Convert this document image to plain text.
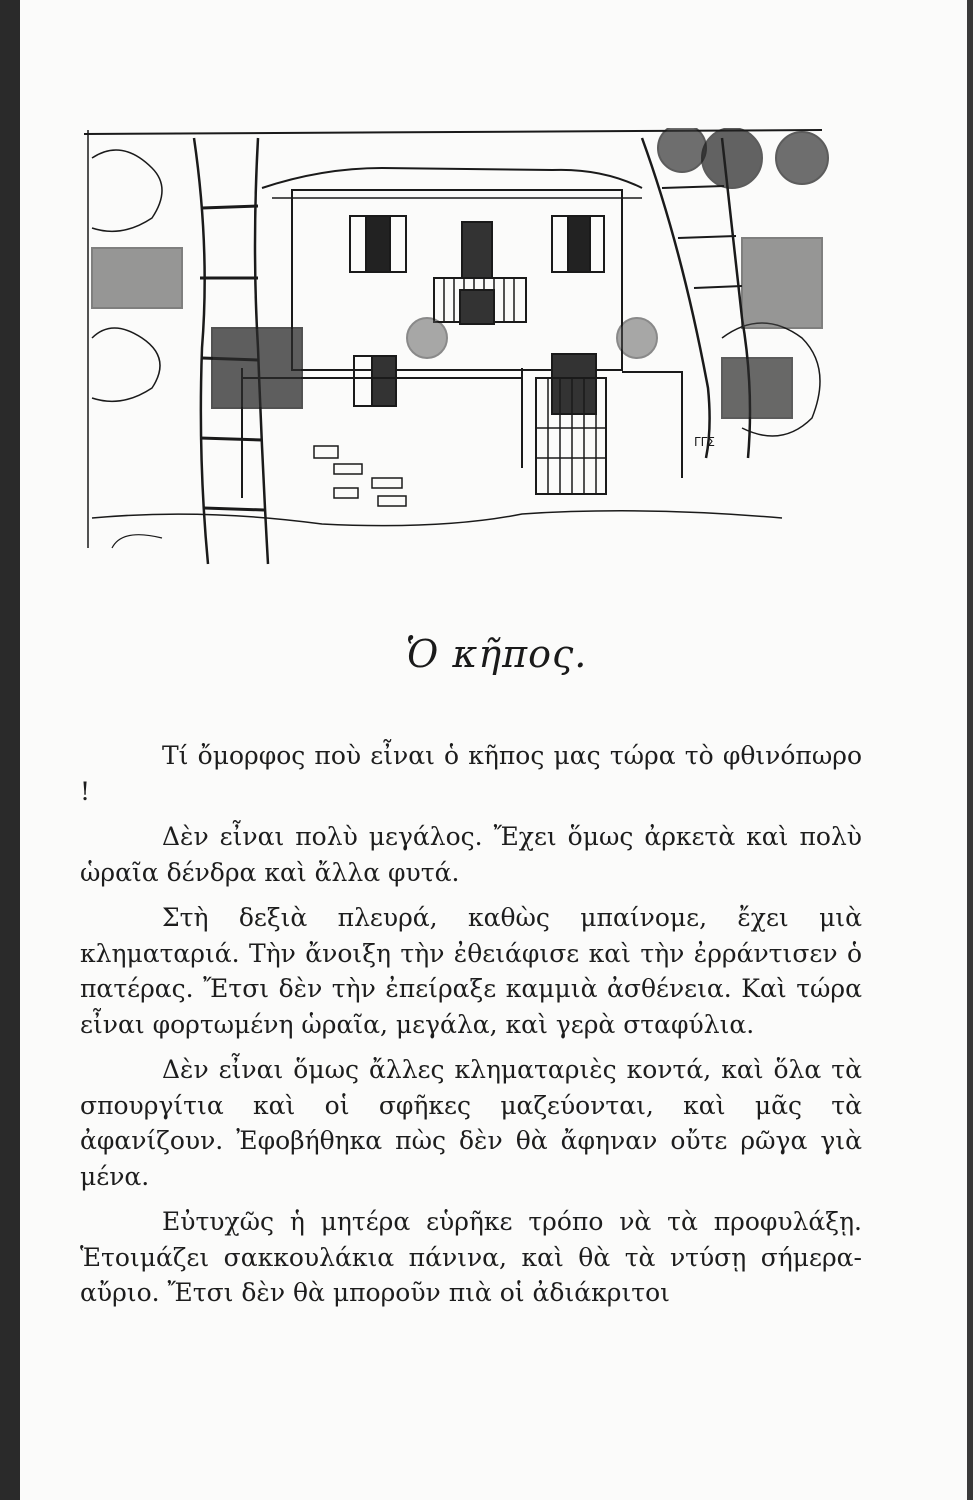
ΓΓΣ
Ὁ κῆπος.

Τί ὄμορφος ποὺ εἶναι ὁ κῆπος μας τώρα τὸ φθινόπωρο !

Δὲν εἶναι πολὺ μεγάλος. Ἔχει ὅμως ἀρκετὰ καὶ πολὺ ὡραῖα δένδρα καὶ ἄλλα φυτά.

Στὴ δεξιὰ πλευρά, καθὼς μπαίνομε, ἔχει μιὰ κληματαριά. Τὴν ἄνοιξη τὴν ἐθειάφισε καὶ τὴν ἐρράντισεν ὁ πατέρας. Ἔτσι δὲν τὴν ἐπείραξε καμμιὰ ἀσθένεια. Καὶ τώρα εἶναι φορτωμένη ὡραῖα, μεγάλα, καὶ γερὰ σταφύλια.

Δὲν εἶναι ὅμως ἄλλες κληματαριὲς κοντά, καὶ ὅλα τὰ σπουργίτια καὶ οἱ σφῆκες μαζεύονται, καὶ μᾶς τὰ ἀφανίζουν. Ἐφοβήθηκα πὼς δὲν θὰ ἄφηναν οὔτε ρῶγα γιὰ μένα.

Εὐτυχῶς ἡ μητέρα εὑρῆκε τρόπο νὰ τὰ προφυλάξῃ. Ἑτοιμάζει σακκουλάκια πάνινα, καὶ θὰ τὰ ντύσῃ σήμερα-αὔριο. Ἔτσι δὲν θὰ μποροῦν πιὰ οἱ ἀδιάκριτοι
